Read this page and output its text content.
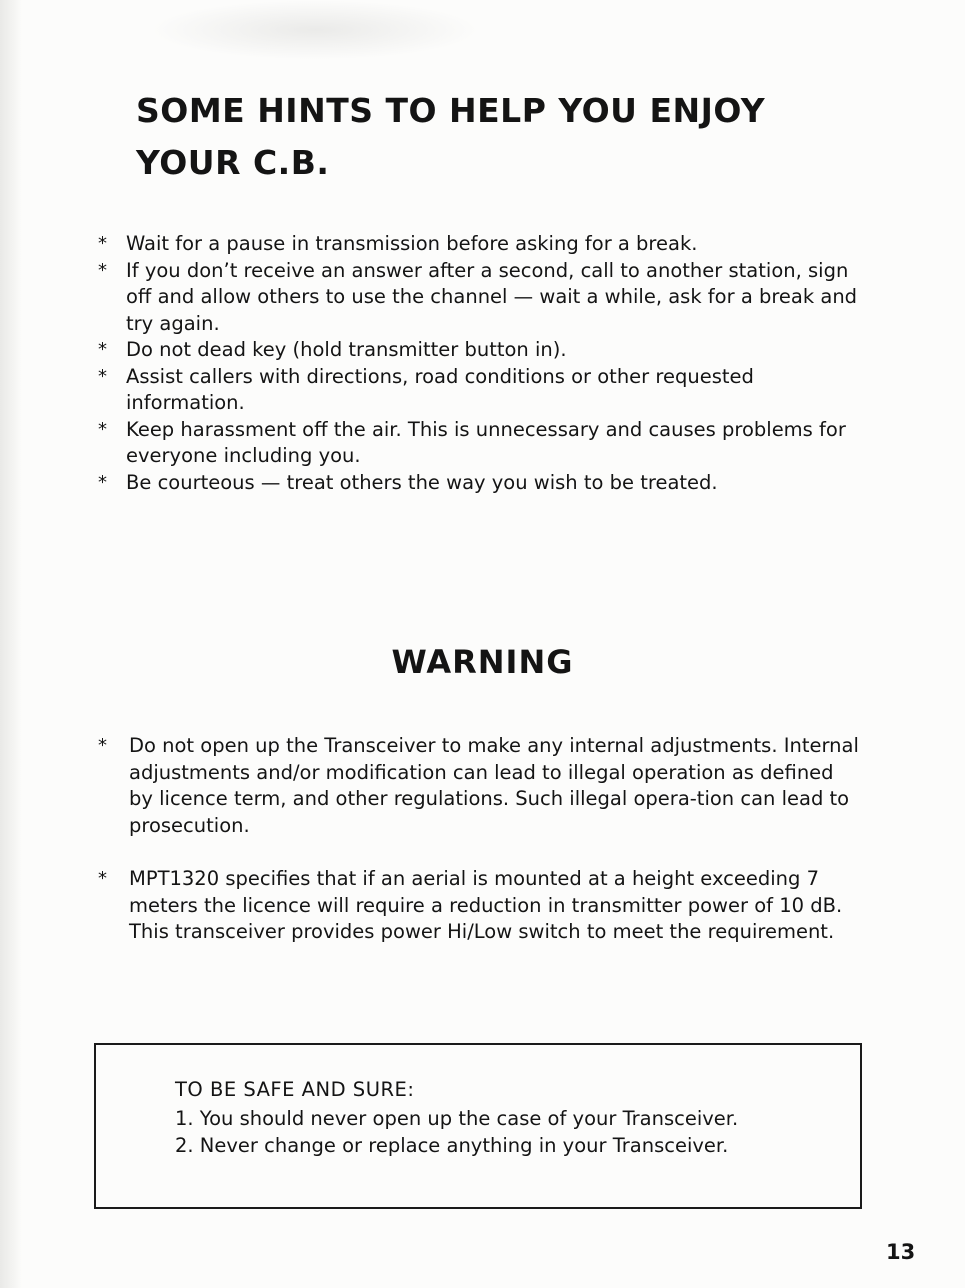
SOME HINTS TO HELP YOU ENJOY YOUR C.B.
* Wait for a pause in transmission before asking for a break.
* If you don’t receive an answer after a second, call to another station, sign off and allow others to use the channel — wait a while, ask for a break and try again.
* Do not dead key (hold transmitter button in).
* Assist callers with directions, road conditions or other requested information.
* Keep harassment off the air. This is unnecessary and causes problems for everyone including you.
* Be courteous — treat others the way you wish to be treated.
WARNING
*	Do not open up the Transceiver to make any internal adjustments. Internal adjustments and/or modification can lead to illegal operation as defined by licence term, and other regulations. Such illegal opera-tion can lead to prosecution.
*	MPT1320 specifies that if an aerial is mounted at a height exceeding 7 meters the licence will require a reduction in transmitter power of 10 dB. This transceiver provides power Hi/Low switch to meet the requirement.
TO BE SAFE AND SURE:
1. You should never open up the case of your Transceiver.
2. Never change or replace anything in your Transceiver.
13
